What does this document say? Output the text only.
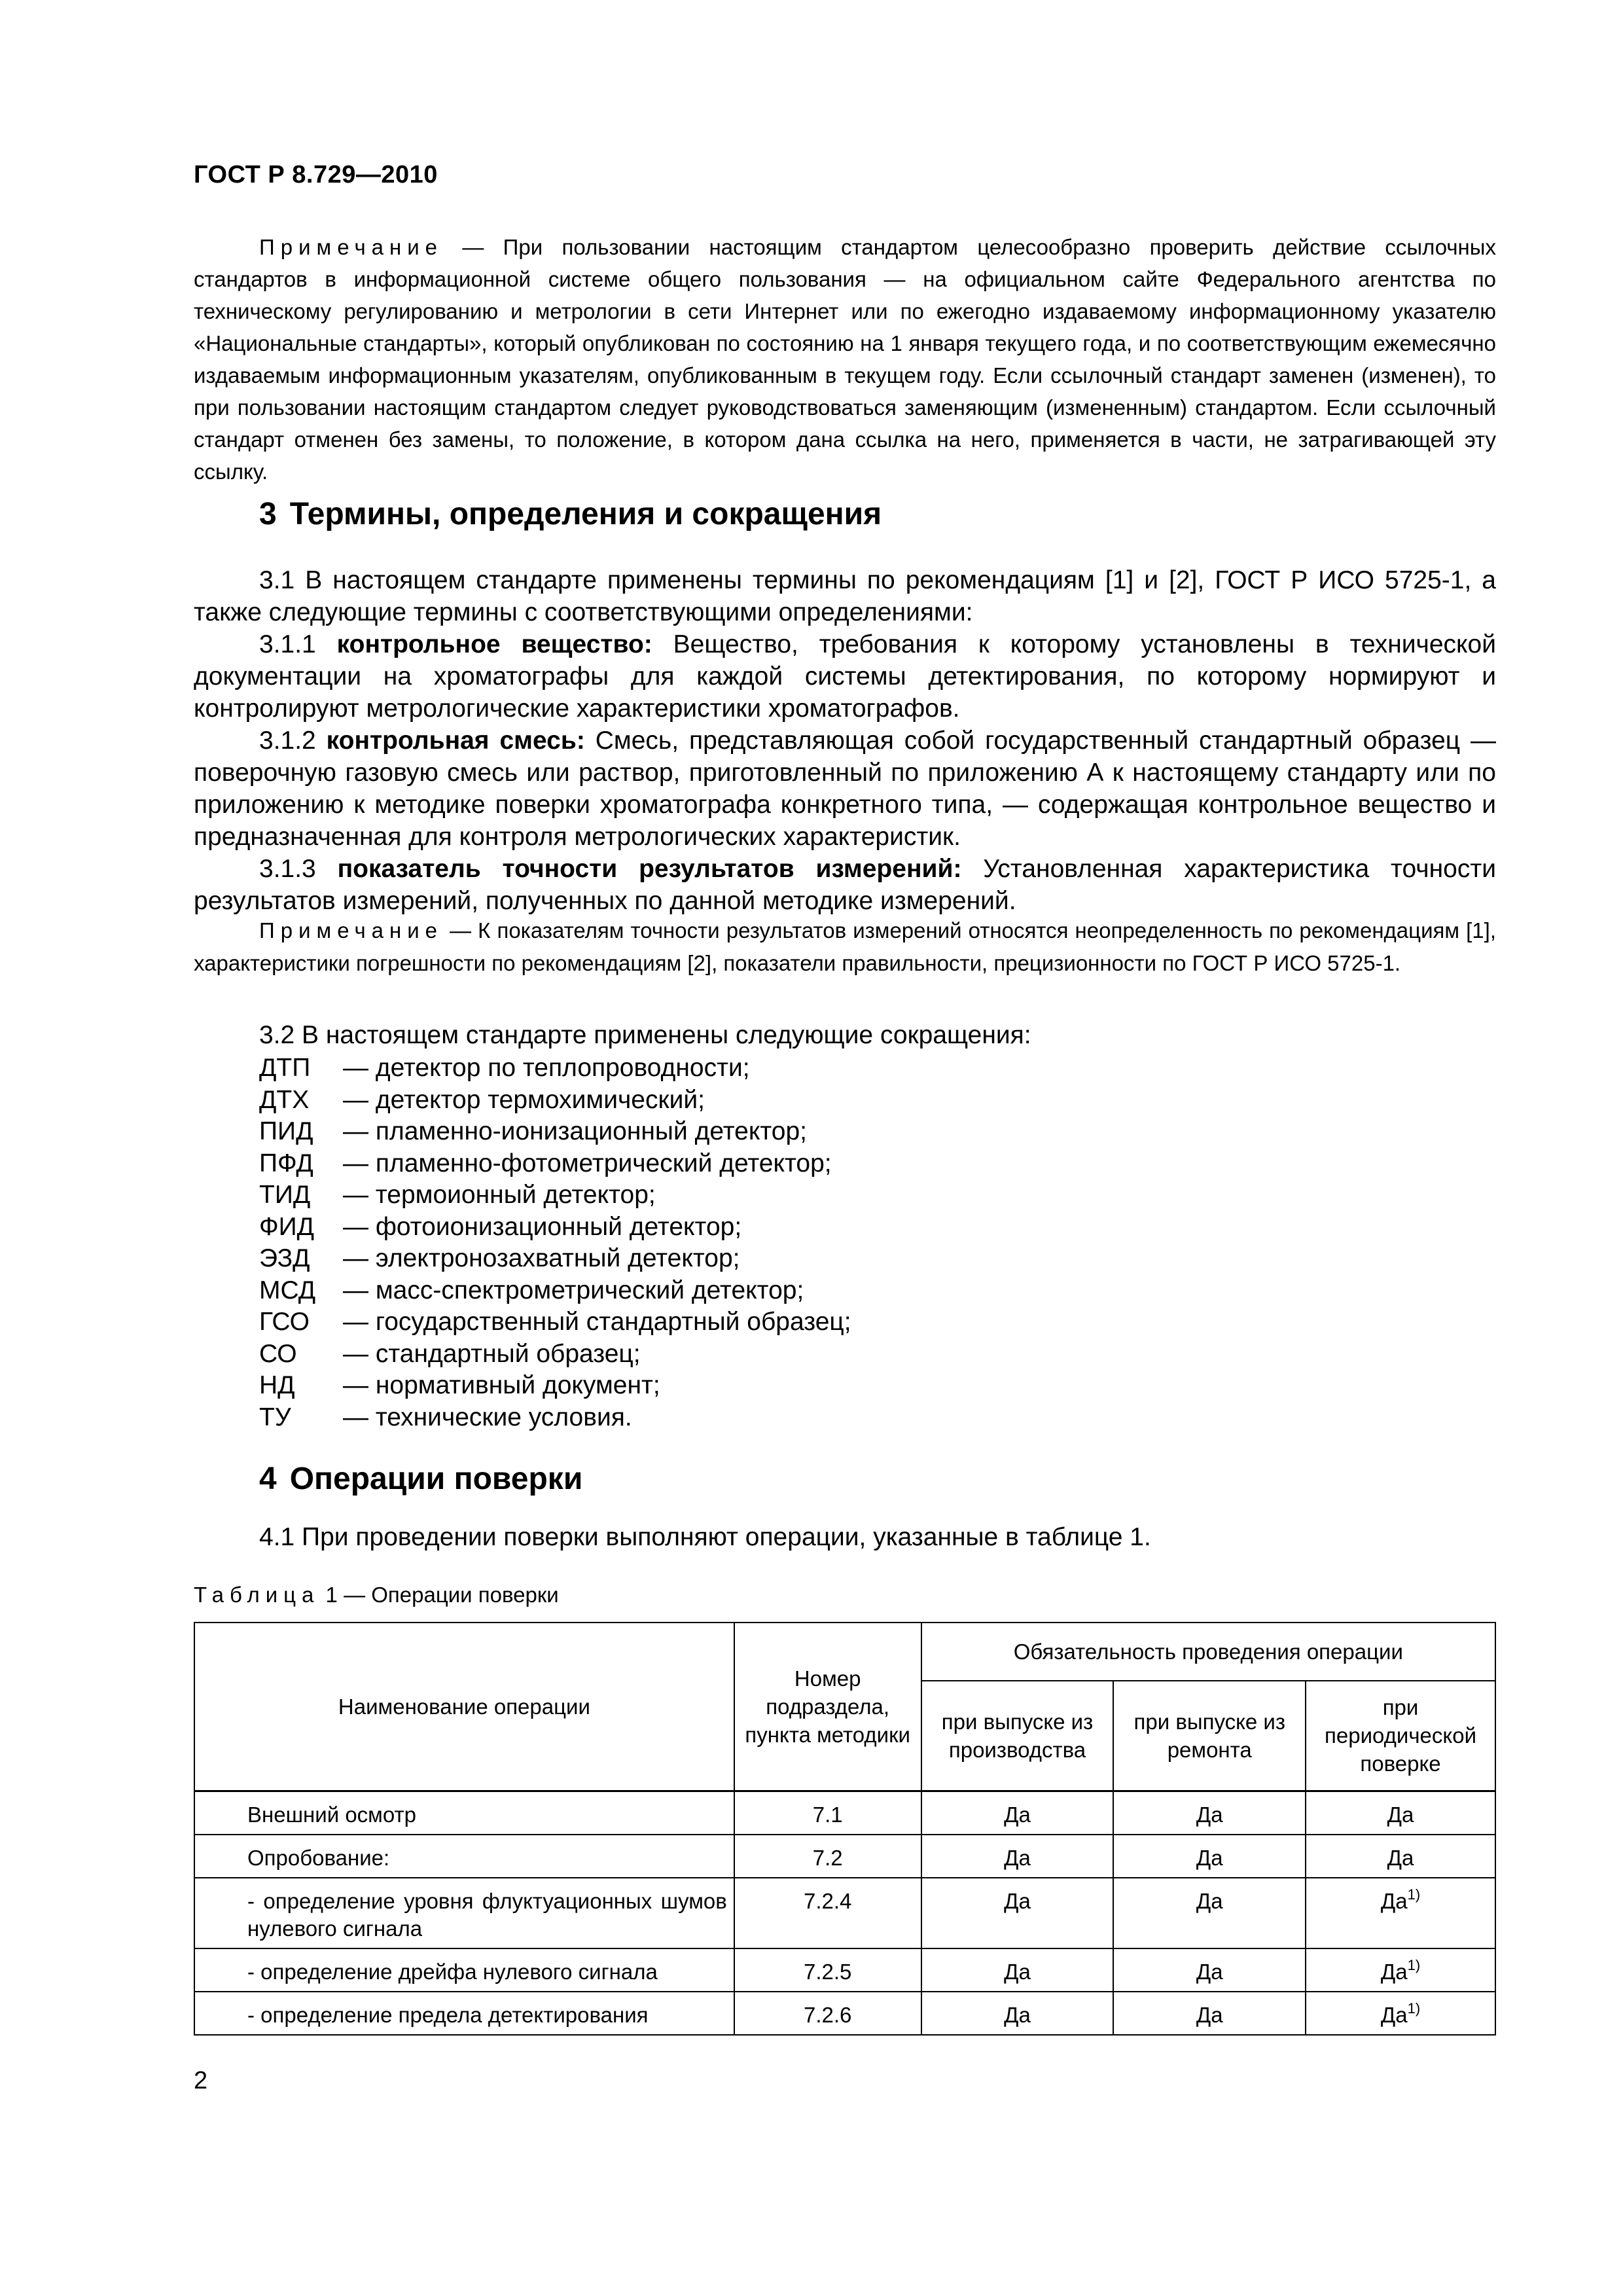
ГОСТ Р 8.729—2010
Примечание — При пользовании настоящим стандартом целесообразно проверить действие ссылочных стандартов в информационной системе общего пользования — на официальном сайте Федерального агентства по техническому регулированию и метрологии в сети Интернет или по ежегодно издаваемому информационному указателю «Национальные стандарты», который опубликован по состоянию на 1 января текущего года, и по соответствующим ежемесячно издаваемым информационным указателям, опубликованным в текущем году. Если ссылочный стандарт заменен (изменен), то при пользовании настоящим стандартом следует руководствоваться заменяющим (измененным) стандартом. Если ссылочный стандарт отменен без замены, то положение, в котором дана ссылка на него, применяется в части, не затрагивающей эту ссылку.
3 Термины, определения и сокращения

3.1 В настоящем стандарте применены термины по рекомендациям [1] и [2], ГОСТ Р ИСО 5725-1, а также следующие термины с соответствующими определениями:

3.1.1 контрольное вещество: Вещество, требования к которому установлены в технической документации на хроматографы для каждой системы детектирования, по которому нормируют и контролируют метрологические характеристики хроматографов.

3.1.2 контрольная смесь: Смесь, представляющая собой государственный стандартный образец — поверочную газовую смесь или раствор, приготовленный по приложению А к настоящему стандарту или по приложению к методике поверки хроматографа конкретного типа, — содержащая контрольное вещество и предназначенная для контроля метрологических характеристик.

3.1.3 показатель точности результатов измерений: Установленная характеристика точности результатов измерений, полученных по данной методике измерений.

Примечание — К показателям точности результатов измерений относятся неопределенность по рекомендациям [1], характеристики погрешности по рекомендациям [2], показатели правильности, прецизионности по ГОСТ Р ИСО 5725-1.
3.2 В настоящем стандарте применены следующие сокращения:
ДТП	— детектор по теплопроводности;
ДТХ	— детектор термохимический;
ПИД	— пламенно-ионизационный детектор;
ПФД	— пламенно-фотометрический детектор;
ТИД	— термоионный детектор;
ФИД	— фотоионизационный детектор;
ЭЗД	— электронозахватный детектор;
МСД	— масс-спектрометрический детектор;
ГСО	— государственный стандартный образец;
СО	— стандартный образец;
НД	— нормативный документ;
ТУ	— технические условия.
4 Операции поверки
4.1 При проведении поверки выполняют операции, указанные в таблице 1.
Таблица 1 — Операции поверки
Наименование операции	Номер подраздела, пункта методики	Обязательность проведения операции		
		при выпуске из производства	при выпуске из ремонта	при периодической поверке
Внешний осмотр	7.1	Да	Да	Да
Опробование:	7.2	Да	Да	Да
- определение уровня флуктуационных шумов нулевого сигнала	7.2.4	Да	Да	$Да^{1)}$
- определение дрейфа нулевого сигнала	7.2.5	Да	Да	$Да^{1)}$
- определение предела детектирования	7.2.6	Да	Да	$Да^{1)}$
2
